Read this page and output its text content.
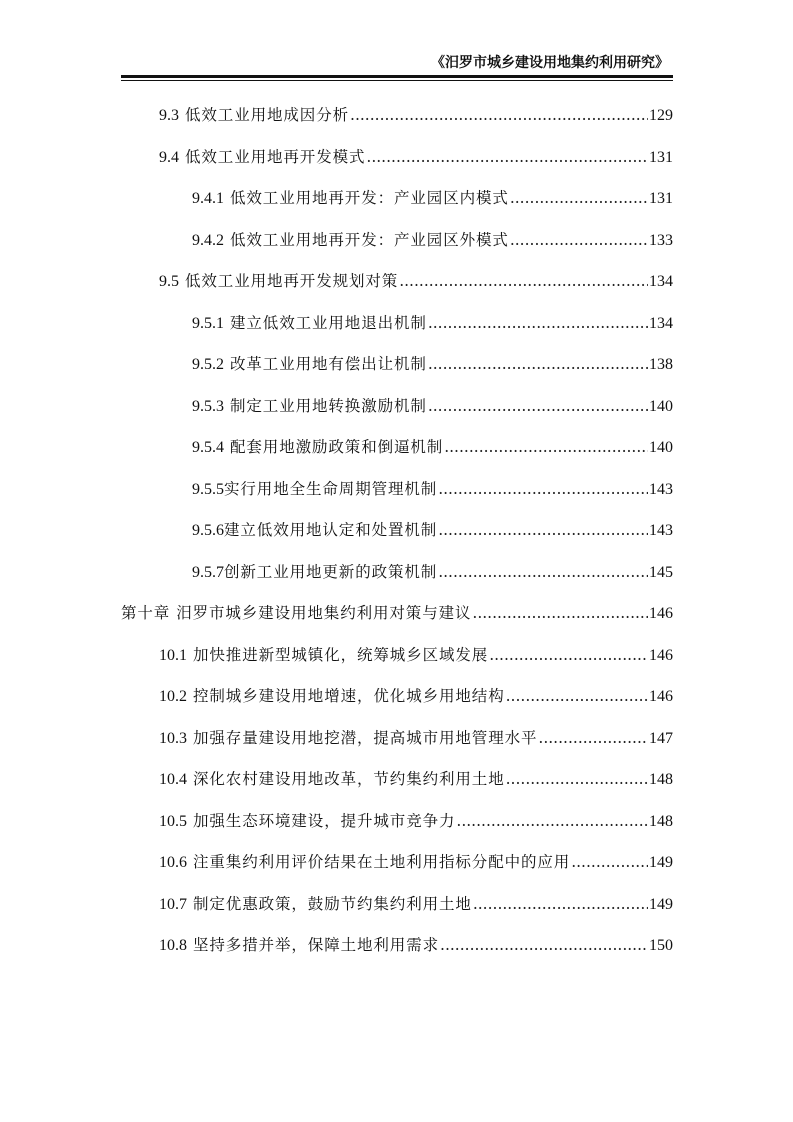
《汨罗市城乡建设用地集约利用研究》
9.3 低效工业用地成因分析 .....	129
9.4 低效工业用地再开发模式 .....	131
9.4.1 低效工业用地再开发：产业园区内模式 .....	131
9.4.2 低效工业用地再开发：产业园区外模式 .....	133
9.5 低效工业用地再开发规划对策 .....	134
9.5.1 建立低效工业用地退出机制 .....	134
9.5.2 改革工业用地有偿出让机制 .....	138
9.5.3 制定工业用地转换激励机制 .....	140
9.5.4 配套用地激励政策和倒逼机制 .....	140
9.5.5实行用地全生命周期管理机制 .....	143
9.5.6建立低效用地认定和处置机制 .....	143
9.5.7创新工业用地更新的政策机制 .....	145
第十章 汨罗市城乡建设用地集约利用对策与建议 .....	146
10.1 加快推进新型城镇化，统筹城乡区域发展 .....	146
10.2 控制城乡建设用地增速，优化城乡用地结构 .....	146
10.3 加强存量建设用地挖潜，提高城市用地管理水平 .....	147
10.4 深化农村建设用地改革，节约集约利用土地 .....	148
10.5 加强生态环境建设，提升城市竞争力 .....	148
10.6 注重集约利用评价结果在土地利用指标分配中的应用 .....	149
10.7 制定优惠政策，鼓励节约集约利用土地 .....	149
10.8 坚持多措并举，保障土地利用需求 .....	150
